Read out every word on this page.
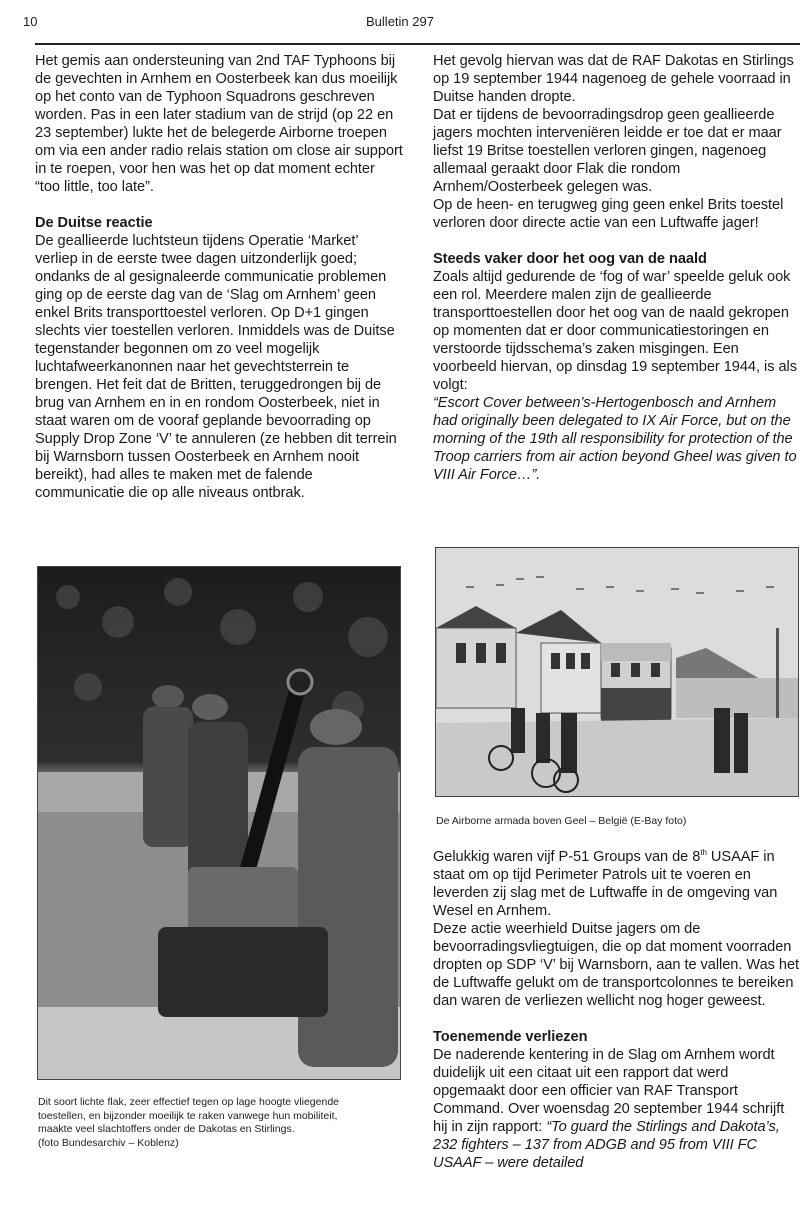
10	Bulletin 297

Het gemis aan ondersteuning van 2nd TAF Typhoons bij de gevechten in Arnhem en Oosterbeek kan dus moeilijk op het conto van de Typhoon Squadrons geschreven worden. Pas in een later stadium van de strijd (op 22 en 23 september) lukte het de belegerde Airborne troepen om via een ander radio relais station om close air support in te roepen, voor hen was het op dat moment echter “too little, too late”.

De Duitse reactie

De geallieerde luchtsteun tijdens Operatie ‘Market’ verliep in de eerste twee dagen uitzonderlijk goed; ondanks de al gesignaleerde communicatie problemen ging op de eerste dag van de ‘Slag om Arnhem’ geen enkel Brits transporttoestel verloren. Op D+1 gingen slechts vier toestellen verloren. Inmiddels was de Duitse tegenstander begonnen om zo veel mogelijk luchtafweerkanonnen naar het gevechtsterrein te brengen. Het feit dat de Britten, teruggedrongen bij de brug van Arnhem en in en rondom Oosterbeek, niet in staat waren om de vooraf geplande bevoorrading op Supply Drop Zone ‘V’ te annuleren (ze hebben dit terrein bij Warnsborn tussen Oosterbeek en Arnhem nooit bereikt), had alles te maken met de falende communicatie die op alle niveaus ontbrak.

Dit soort lichte flak, zeer effectief tegen op lage hoogte vliegende
toestellen, en bijzonder moeilijk te raken vanwege hun mobiliteit,
maakte veel slachtoffers onder de Dakotas en Stirlings.
(foto Bundesarchiv – Koblenz)

Het gevolg hiervan was dat de RAF Dakotas en Stirlings op 19 september 1944 nagenoeg de gehele voorraad in Duitse handen dropte.

Dat er tijdens de bevoorradingsdrop geen geallieerde jagers mochten interveniëren leidde er toe dat er maar liefst 19 Britse toestellen verloren gingen, nagenoeg allemaal geraakt door Flak die rondom Arnhem/Oosterbeek gelegen was.

Op de heen- en terugweg ging geen enkel Brits toestel verloren door directe actie van een Luftwaffe jager!

Steeds vaker door het oog van de naald

Zoals altijd gedurende de ‘fog of war’ speelde geluk ook een rol. Meerdere malen zijn de geallieerde transporttoestellen door het oog van de naald gekropen op momenten dat er door communicatiestoringen en verstoorde tijdsschema’s zaken misgingen. Een voorbeeld hiervan, op dinsdag 19 september 1944, is als volgt:

“Escort Cover between’s-Hertogenbosch and Arnhem had originally been delegated to IX Air Force, but on the morning of the 19th all responsibility for protection of the Troop carriers from air action beyond Gheel was given to VIII Air Force…”.

De Airborne armada boven Geel – België (E-Bay foto)

Gelukkig waren vijf P-51 Groups van de 8th USAAF in staat om op tijd Perimeter Patrols uit te voeren en leverden zij slag met de Luftwaffe in de omgeving van Wesel en Arnhem.

Deze actie weerhield Duitse jagers om de bevoorradingsvliegtuigen, die op dat moment voorraden dropten op SDP ‘V’ bij Warnsborn, aan te vallen. Was het de Luftwaffe gelukt om de transportcolonnes te bereiken dan waren de verliezen wellicht nog hoger geweest.

Toenemende verliezen

De naderende kentering in de Slag om Arnhem wordt duidelijk uit een citaat uit een rapport dat werd opgemaakt door een officier van RAF Transport Command. Over woensdag 20 september 1944 schrijft hij in zijn rapport: “To guard the Stirlings and Dakota’s, 232 fighters – 137 from ADGB and 95 from VIII FC USAAF – were detailed
